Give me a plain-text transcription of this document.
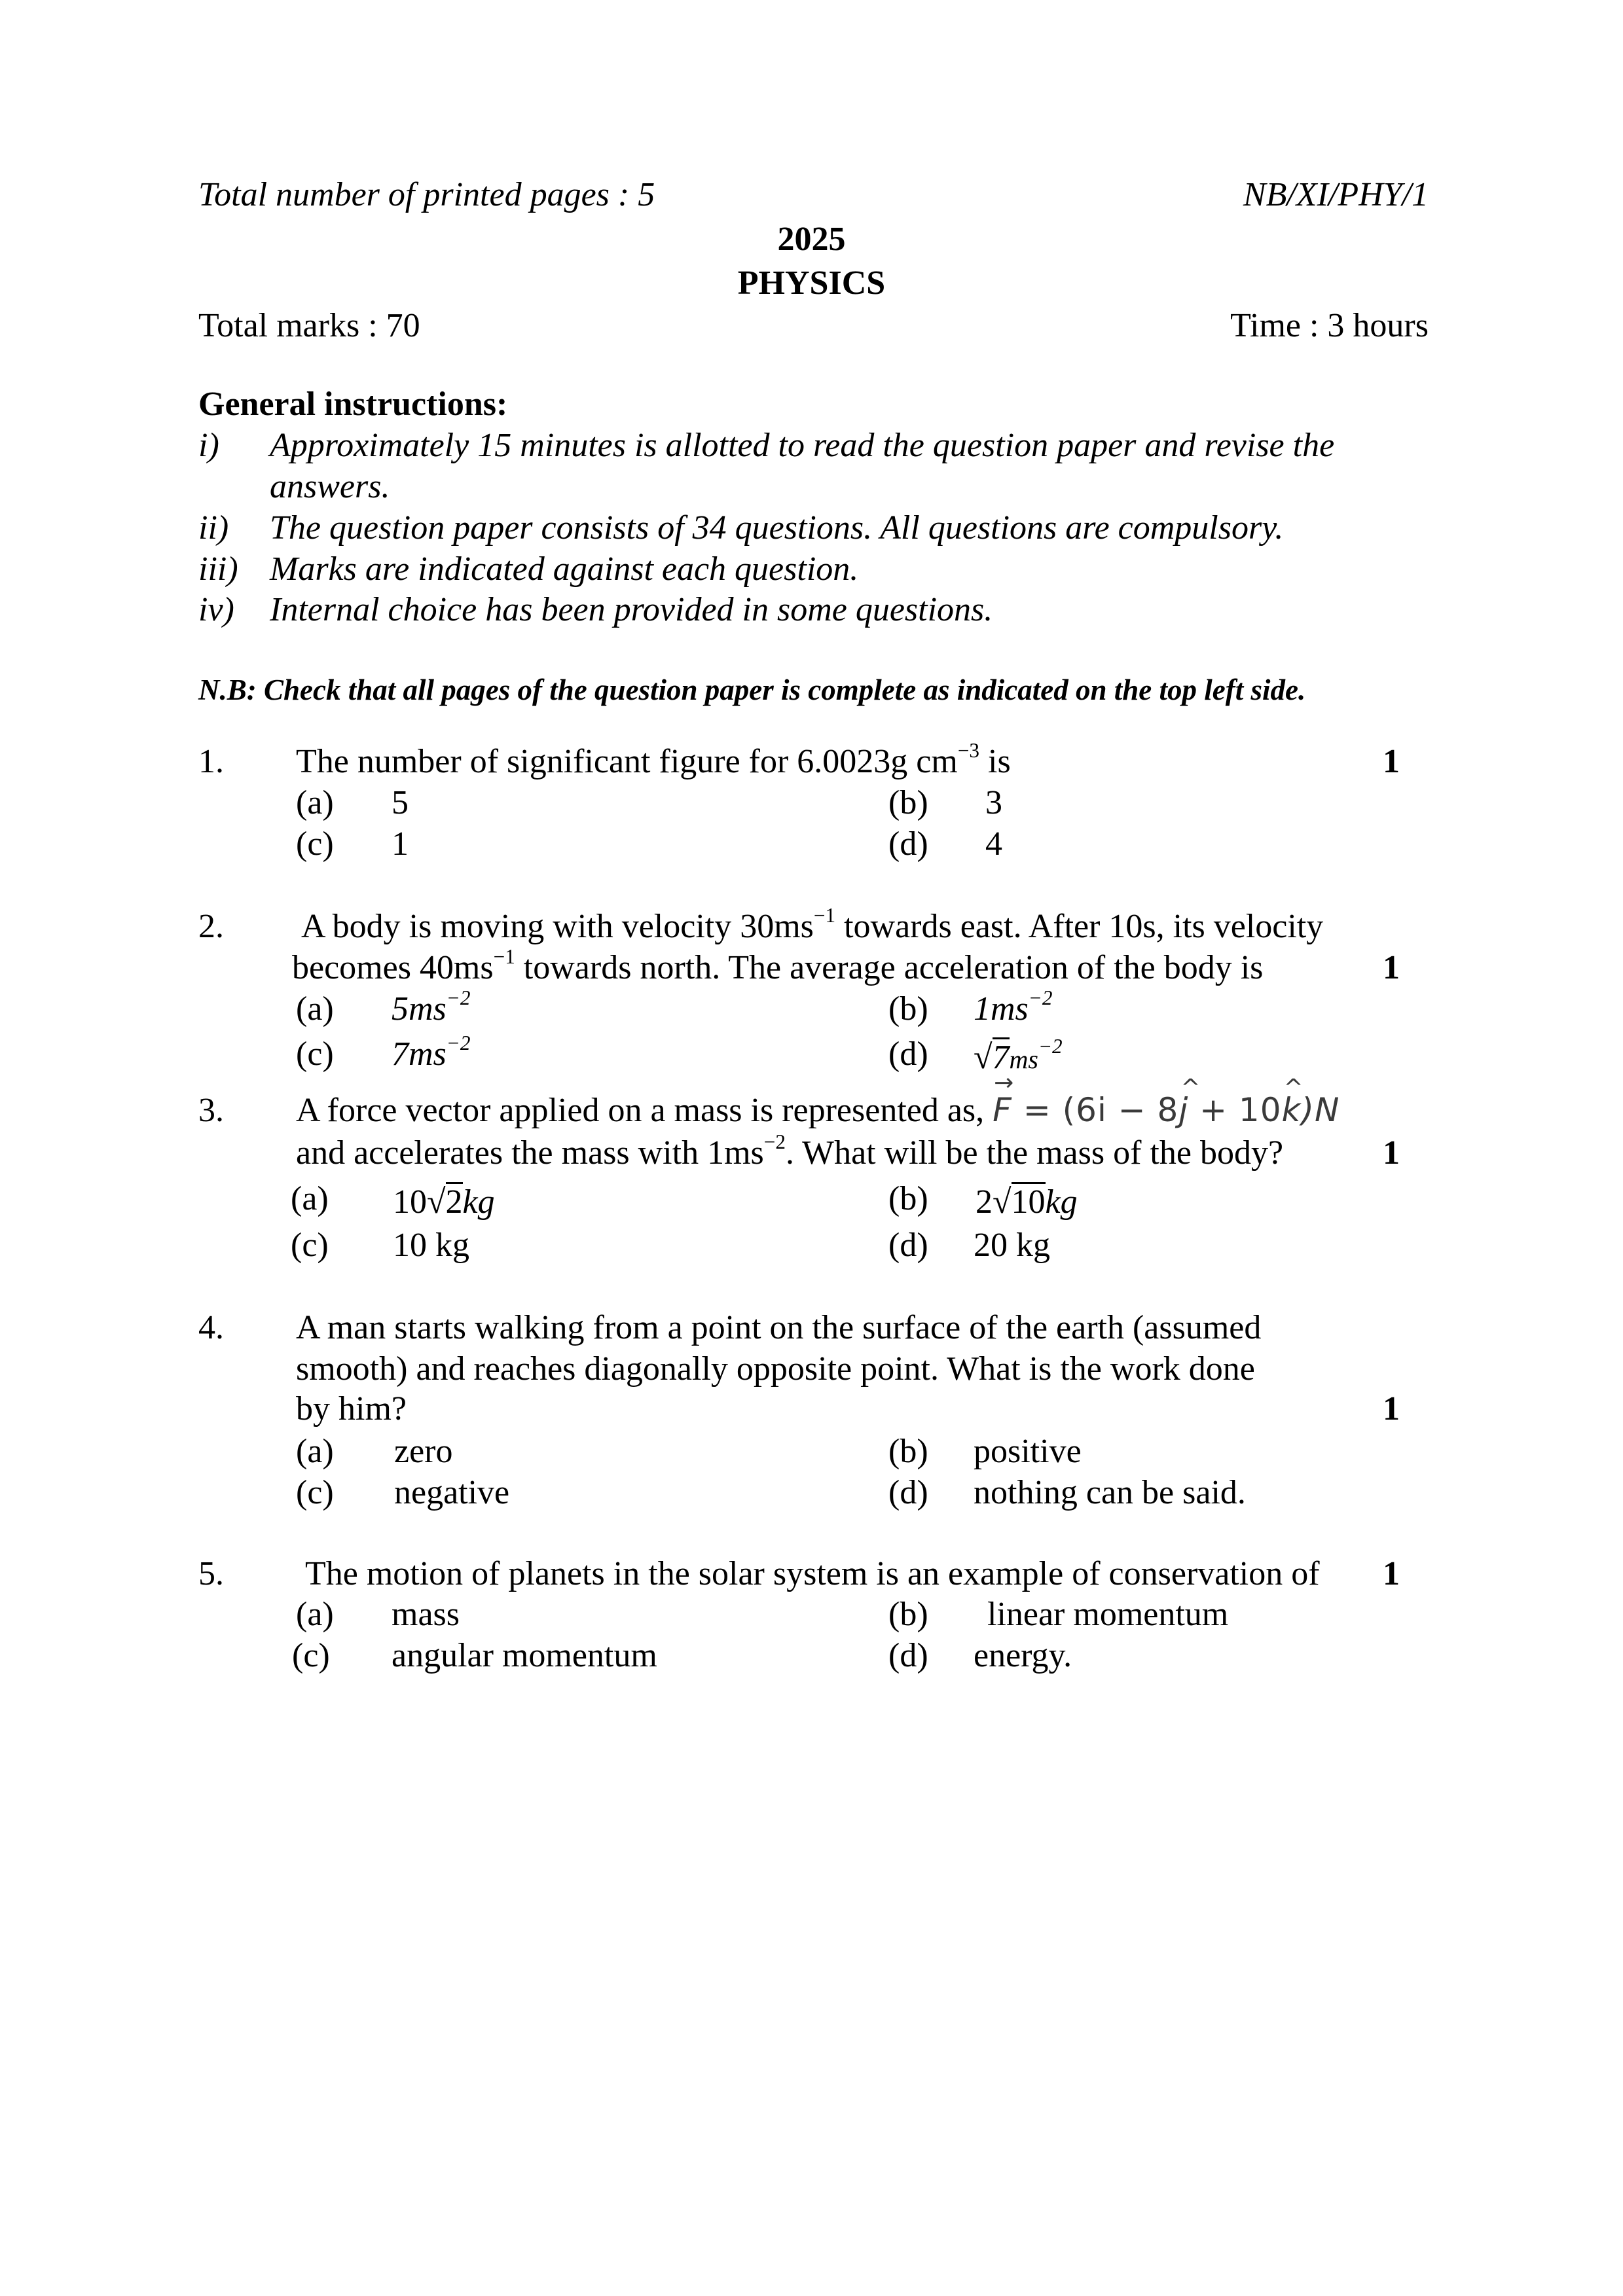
Total number of printed pages : 5	NB/XI/PHY/1
2025
PHYSICS
Total marks : 70	Time : 3 hours
General instructions:
i) Approximately 15 minutes is allotted to read the question paper and revise the
answers.
ii) The question paper consists of 34 questions. All questions are compulsory.
iii) Marks are indicated against each question.
iv) Internal choice has been provided in some questions.
N.B: Check that all pages of the question paper is complete as indicated on the top left side.
1. The number of significant figure for 6.0023g $cm^{-3}$ is	1
(a) 5	(b) 3
(c) 1	(d) 4
2. A body is moving with velocity $30ms^{-1}$ towards east. After 10s, its velocity
becomes $40ms^{-1}$ towards north. The average acceleration of the body is	1
(a) $5ms^{-2}$	(b) $1ms^{-2}$
(c) $7ms^{-2}$	(d) $√7ms^{-2}$
3. A force vector applied on a mass is represented as, → F = (6i − 8^ j + 10^ k)N
and accelerates the mass with $1ms^{-2}$. What will be the mass of the body?	1
(a) 10√2kg	(b) 2√10kg
(c) 10 kg	(d) 20 kg
4. A man starts walking from a point on the surface of the earth (assumed
smooth) and reaches diagonally opposite point. What is the work done
by him?	1
(a) zero	(b) positive
(c) negative	(d) nothing can be said.
5. The motion of planets in the solar system is an example of conservation of 1
(a) mass	(b) linear momentum
(c) angular momentum	(d) energy.
